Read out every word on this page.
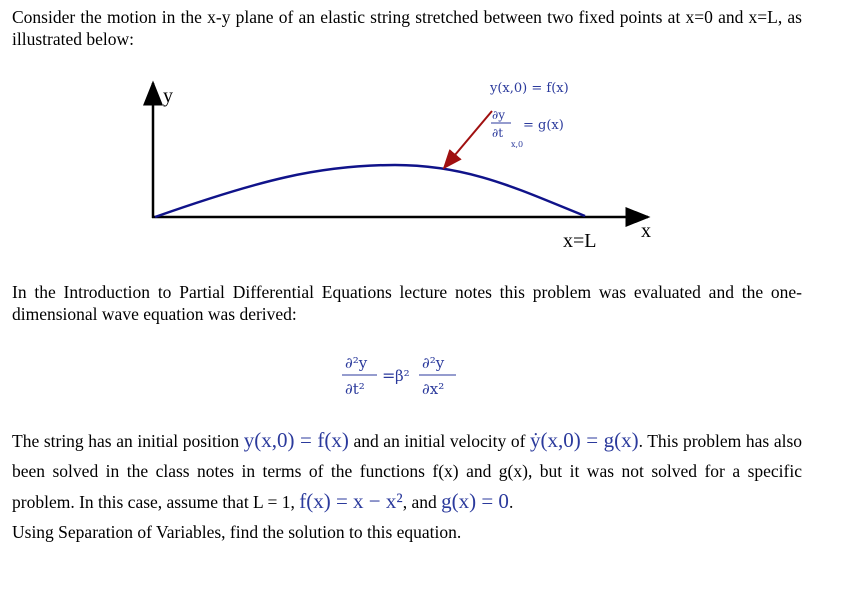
Consider the motion in the x-y plane of an elastic string stretched between two fixed points at x=0 and x=L, as illustrated below:

y
x
x=L
y(x,0) = f(x)
∂y
∂t
x,0
= g(x)

In the Introduction to Partial Differential Equations lecture notes this problem was evaluated and the one-dimensional wave equation was derived:

∂²y
∂t²
= β²
∂²y
∂x²

The string has an initial position y(x,0) = f(x) and an initial velocity of ẏ(x,0) = g(x). This problem has also been solved in the class notes in terms of the functions f(x) and g(x), but it was not solved for a specific problem. In this case, assume that L = 1, f(x) = x − x², and g(x) = 0.
Using Separation of Variables, find the solution to this equation.
